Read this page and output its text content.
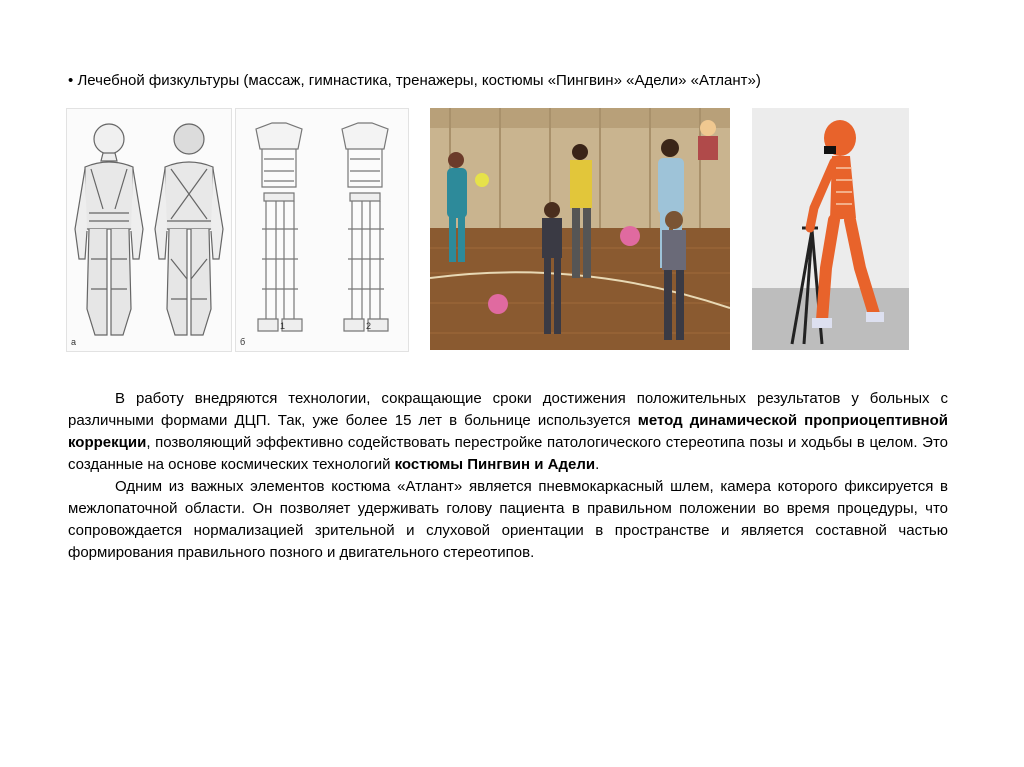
• Лечебной физкультуры (массаж, гимнастика, тренажеры, костюмы «Пингвин» «Адели» «Атлант»)
а	б
1	2

В работу внедряются технологии, сокращающие сроки достижения положительных результатов у больных с различными формами ДЦП. Так, уже более 15 лет в больнице используется метод динамической проприоцептивной коррекции, позволяющий эффективно содействовать перестройке патологического стереотипа позы и ходьбы в целом. Это созданные на основе космических технологий костюмы Пингвин и Адели.

Одним из важных элементов костюма «Атлант» является пневмокаркасный шлем, камера которого фиксируется в межлопаточной области. Он позволяет удерживать голову пациента в правильном положении во время процедуры, что сопровождается нормализацией зрительной и слуховой ориентации в пространстве и является составной частью формирования правильного позного и двигательного стереотипов.
